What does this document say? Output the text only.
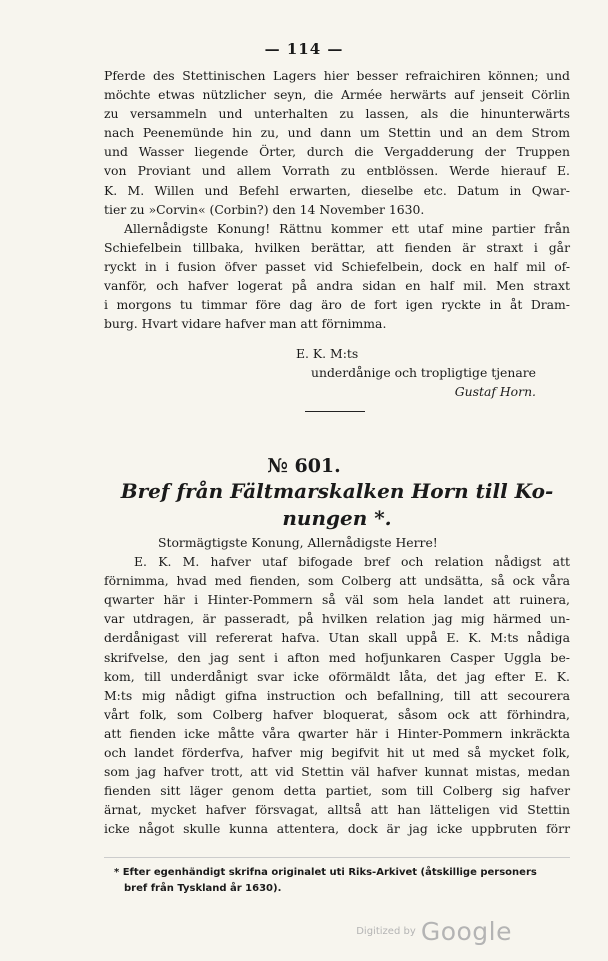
— 114 —
Pferde des Stettinischen Lagers hier besser refraichiren können; und
möchte etwas nützlicher seyn, die Armée herwärts auf jenseit Cörlin
zu versammeln und unterhalten zu lassen, als die hinunterwärts
nach Peenemünde hin zu, und dann um Stettin und an dem Strom
und Wasser liegende Örter, durch die Vergadderung der Truppen
von Proviant und allem Vorrath zu entblössen. Werde hierauf E.
K. M. Willen und Befehl erwarten, dieselbe etc. Datum in Qwar-
tier zu »Corvin« (Corbin?) den 14 November 1630.
Allernådigste Konung! Rättnu kommer ett utaf mine partier från
Schiefelbein tillbaka, hvilken berättar, att fienden är straxt i går
ryckt in i fusion öfver passet vid Schiefelbein, dock en half mil of-
vanför, och hafver logerat på andra sidan en half mil. Men straxt
i morgons tu timmar före dag äro de fort igen ryckte in åt Dram-
burg. Hvart vidare hafver man att förnimma.
E. K. M:ts
underdånige och tropligtige tjenare
Gustaf Horn.
№ 601.
Bref från Fältmarskalken Horn till Ko-
nungen *.
Stormägtigste Konung, Allernådigste Herre!
E. K. M. hafver utaf bifogade bref och relation nådigst att
förnimma, hvad med fienden, som Colberg att undsätta, så ock våra
qwarter här i Hinter-Pommern så väl som hela landet att ruinera,
var utdragen, är passeradt, på hvilken relation jag mig härmed un-
derdånigast vill refererat hafva. Utan skall uppå E. K. M:ts nådiga
skrifvelse, den jag sent i afton med hofjunkaren Casper Uggla be-
kom, till underdånigt svar icke oförmäldt låta, det jag efter E. K.
M:ts mig nådigt gifna instruction och befallning, till att secourera
vårt folk, som Colberg hafver bloquerat, såsom ock att förhindra,
att fienden icke måtte våra qwarter här i Hinter-Pommern inkräckta
och landet förderfva, hafver mig begifvit hit ut med så mycket folk,
som jag hafver trott, att vid Stettin väl hafver kunnat mistas, medan
fienden sitt läger genom detta partiet, som till Colberg sig hafver
ärnat, mycket hafver försvagat, alltså att han lätteligen vid Stettin
icke något skulle kunna attentera, dock är jag icke uppbruten förr
* Efter egenhändigt skrifna originalet uti Riks-Arkivet (åtskillige personers
bref från Tyskland år 1630).
Digitized by Google
